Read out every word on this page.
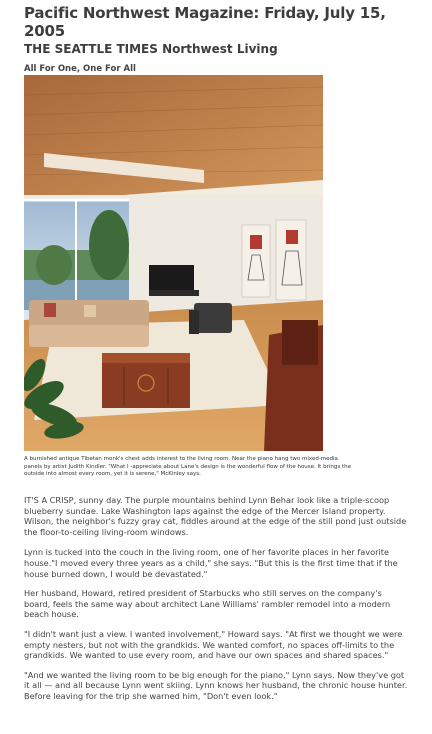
Pacific Northwest Magazine: Friday, July 15, 2005
THE SEATTLE TIMES Northwest Living
All For One, One For All
A burnished antique Tibetan monk's chest adds interest to the living room. Near the piano hang two mixed-media panels by artist Judith Kindler. "What I -appreciate about Lane's design is the wonderful flow of the house. It brings the outside into almost every room, yet it is serene," McKinley says.

IT'S A CRISP, sunny day. The purple mountains behind Lynn Behar look like a triple-scoop blueberry sundae. Lake Washington laps against the edge of the Mercer Island property. Wilson, the neighbor's fuzzy gray cat, fiddles around at the edge of the still pond just outside the floor-to-ceiling living-room windows.

Lynn is tucked into the couch in the living room, one of her favorite places in her favorite house."I moved every three years as a child," she says. "But this is the first time that if the house burned down, I would be devastated."

Her husband, Howard, retired president of Starbucks who still serves on the company's board, feels the same way about architect Lane Williams' rambler remodel into a modern beach house.

"I didn't want just a view. I wanted involvement," Howard says. "At first we thought we were empty nesters, but not with the grandkids. We wanted comfort, no spaces off-limits to the grandkids. We wanted to use every room, and have our own spaces and shared spaces."

"And we wanted the living room to be big enough for the piano," Lynn says. Now they've got it all — and all because Lynn went skiing. Lynn knows her husband, the chronic house hunter. Before leaving for the trip she warned him, "Don't even look."
